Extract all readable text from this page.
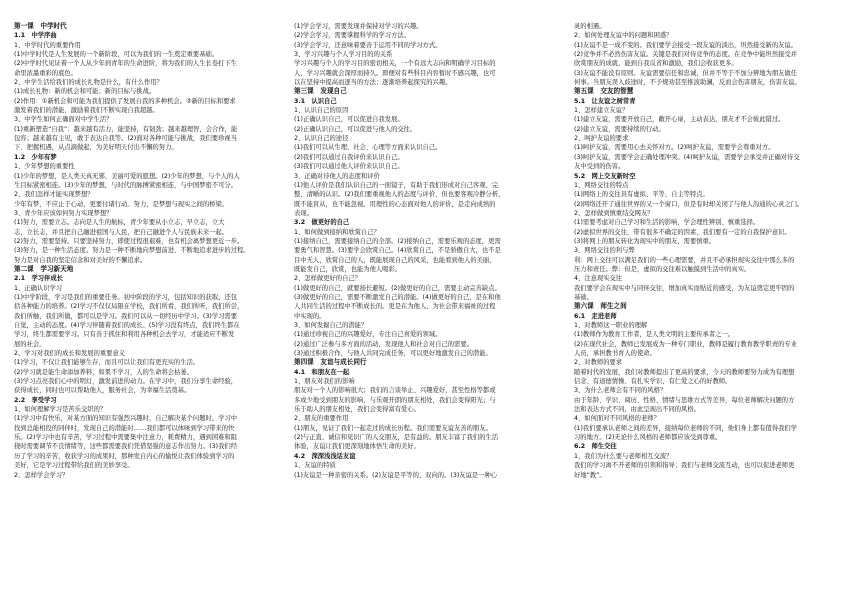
第一课　中学时代
1.1　中学序曲
1、中学时代的重要作用
(1)中学时代是人生发展的一个新阶段，可以为我们的一生奠定重要基础。
(2)中学时代见证着一个人从少年到青年的生命进阶，将为我们的人生长卷打下生
命里浓墨重彩的底色。
2、中学生活给我们的成长礼物是什么，有什么作用？
(1)成长礼物：新的机会和可能；新的目标与挑战。
(2)作用：①新机会和可能为我们提供了发展自我的多种机会。②新的目标和要求
激发着我们的潜能，激励着我们不断实现自我超越。
3、中学生如何正确面对中学生活？
(1)重新塑造“自我”：越来越有活力，能坚持，有韧劲；越来越理智，会合作，能
包容；越来越有主见，敢于表达自我等。(2)面对各种可能与挑战，我们要珍视当
下、把握机遇，从点滴做起，为美好明天付出不懈的努力。
1.2　少年有梦
1、少年梦想的重要性
(1)少年的梦想，是人类天真无邪、美丽可爱的愿想。(2)少年的梦想，与个人的人
生目标紧密相连。(3)少年的梦想，与时代的脉搏紧密相连，与中国梦密不可分。
2、我们怎样才能实现梦想？
少年有梦，不应止于心动，更要付诸行动。努力，是梦想与现实之间的桥梁。
3、青少年应该如何努力实现梦想？
(1)努力，需要立志。志向是人生的航标，青少年要从小立志，早立志，立大
志，立长志，并且把自己融进祖国与人民，把自己融进个人与民族未来一起。
(2)努力，需要坚持。只要坚持努力，即使过程很艰难，也有机会离梦想更近一步。
(3)努力，是一种生活态度。努力是一种不断地向梦想前进、不断地追求进步的过程。
努力是对自我的坚定信念和对美好的不懈追求。
第二课　学习新天地
2.1　学习伴成长
1、正确认识学习
(1)中学阶段，学习是我们的重要任务。初中阶段的学习，包括知识的获取，还包
括各种能力的培养。(2)学习不仅仅局限在学校，我们所看，我们所听，我们所尝，
我们所触，我们所做，都可以是学习。我们可以从一切经历中学习。(3)学习需要
自觉，主动的态度。(4)学习伴随着我们的成长。(5)学习没有终点，我们终生都在
学习，终生都需要学习。只有善于抓住和利用各种机会去学习，才能适应不断发
展的社会。
2、学习对我们的成长和发展的重要意义
(1)学习，不仅让我们能够生存，而且可以让我们有更充实的生活。
(2)学习就是能生命添加养料，如果不学习，人的生命将会枯萎。
(3)学习点亮我们心中的明灯，激发前进的动力。在学习中，我们分享生命经验，
获得成长，同时也可以帮助他人，服务社会，为幸福生活奠基。
2.2　享受学习
1、如何理解学习是苦乐交织的？
(1)学习中有快乐，对某方面的知识有强烈兴趣时，自己解决某个问题时，学习中
找到总能相投的同伴时，发现自己的潜能时……我们都可以体味到学习带来的快
乐。(2)学习中也有辛苦，学习过程中需要集中注意力，耗费精力，遇到困难和阻
挠时需要调节不良情绪等，这些都需要我们凭借坚强的意志作出努力。(3)我们经
历了学习的辛苦，收获学习的成果时，那种发自内心的愉悦让我们体验到学习的
美好，它是学习过程带给我们的美妙享受。
2、怎样学会学习？
(1)学会学习，需要发现并保持对学习的兴趣。
(2)学会学习，需要掌握科学的学习方法。
(3)学会学习，还意味着要善于运用不同的学习方式。
3、学习兴趣与个人学习目的的关系
学习兴趣与个人的学习目的密切相关，一个有远大志向和明确学习目标的
人，学习兴趣就会深厚而持久。即便对有些科目内容暂时不感兴趣，也可
以在坚持中提高而逐当的方法；逐渐培养起探究的兴趣。
第三课　发现自己
3.1　认识自己
1、认识自己的原因
(1)正确认识自己，可以促进自我发展。
(2)正确认识自己，可以促进与他人的交往。
2、认识自己的途径
(1)我们可以从生理、社会、心理等方面来认识自己。
(2)我们可以通过自我评价来认识自己。
(3)我们可以通过他人评价来认识自己。
3、正确对待他人的态度和评价
(1)他人评价是我们认识自己的一面镜子，有助于我们形成对自己客观、完
整、清晰的认识。(2)我们要重视他人的态度与评价，但也要客观冷静分析，
既不能盲从，也不能忽视。用理性的心态面对他人的评价，是走向成熟的
表现。
3.2　做更好的自己
1、如何做到接纳和欣赏自己？
(1)接纳自己，需要接纳自己的全部。(2)接纳自己，需要乐观的态度，更需
要勇气和智慧。(3)要学会欣赏自己。(4)欣赏自己，不是骄傲自大，也不是
目中无人，欣赏自己的人，既能展现自己的风采，也能看到他人的美丽，
既能发自己，欣赏，也能为他人喝彩。
2、怎样做更好的自己？
(1)做更好的自己，就要扬长避短。(2)做更好的自己，需要主动完善缺点。
(3)做更好的自己，需要不断激发自己的潜能。(4)做更好的自己，是在和他
人共同生活的过程中不断成长的。更是在为他人、为社会带来福祉的过程
中实现的。
3、如何发掘自己的潜能？
(1)通过珍视自己的兴趣爱好，专注自己喜爱的领域。
(2)通过广泛参与多方面的活动，发现他人和社会对自己的需要。
(3)通过积极合作，与他人共同完成任务，可以更好地激发自己的潜能。
第四课　友谊与成长同行
4.1　和朋友在一起
1、朋友对我们的影响
朋友对一个人的影响很大；我们的言谈举止、兴趣爱好，甚至性格等都或
多或少地受到朋友的影响，与乐观开朗的朋友相处，我们会变得阳光；与
乐于助人的朋友相处，我们会变得富有爱心。
2、朋友的重要作用
(1)朋友，见证了我们一起走过的成长历程。我们需要友谊友善的朋友。
(2)与正直、诚信和见识广的人交朋友，是有益的。朋友丰富了我们的生活
体验，友谊让我们更深刻地体悟生命的美好。
4.2　深深浅浅话友谊
1、友谊的特质
(1)友谊是一种亲密的关系。(2)友谊是平等的、双向的。(3)友谊是一种心
灵的相遇。
2、如何处理友谊中的问题和困惑？
(1)友谊不是一成不变的。我们要学会接受一段友谊的淡出，坦然接受新的友谊。
(2)竞争并不必然伤害友谊。关键是我们对待竞争的态度。在竞争中能坦然接受并
欣赏朋友的成就，能到自我反省和激励，我们会收获更多。
(3)友谊不能没有原则。友谊需要信任和忠诚，但并不等于不加分辨地为朋友做任
何事。当朋友误入歧途时，不予规劝甚至推波助澜，反而会伤害朋友，伤害友谊。
第五课　交友的智慧
5.1　让友谊之树常青
1、怎样建立友谊？
(1)建立友谊，需要开放自己，敞开心扉，主动表达，朋友才不会彼此错过。
(2)建立友谊，需要持续的行动。
2、呵护友谊的要求
(1)呵护友谊，需要用心去关怀对方。(2)呵护友谊，需要学会尊重对方。
(3)呵护友谊，需要学会正确处理冲突。(4)呵护友谊，需要学会承受并正确对待交
友中受到的伤害。
5.2　网上交友新时空
1、网络交往的特点
(1)网络上的交往具有虚拟、平等、自主等特点。
(2)网络还开了通往世界的又一个窗口，但是有时却关闭了与他人沟通的心灵之门。
2、怎样做到慎重结交网友？
(1)需要考虑对自己学习和生活的影响，学会理性辨别、慎重选择。
(2)虚拟世界的交往，带有很多不确定的因素，我们要有一定的自我保护意识。
(3)将网上的朋友转化为现实中的朋友，需要慎重。
3、网络交往的利与弊
利：网上交往可以满足我们的一些心理需要，并且不必承担现实交往中那么多的
压力和责任。弊：但是，虚拟的交往难以触摸到生活中的真实。
4、注意现实交往
我们要学会在现实中与同伴交往，增加真实而贴近的感受，为友谊奠定更牢固的
基础。
第六课　师生之间
6.1　走进老师
1、对教师这一职业的理解
(1)教师作为教育工作者，是人类文明的主要传承者之一。
(2)在现代社会，教师已发展成为一种专门职业，教师是履行教育教学职责的专业
人员，承担教书育人的使命。
2、对教师的要求
随着时代的发展，我们对教师提出了更高的要求，今天的教师要努力成为有理想
信念、有道德情操、有扎实学识、有仁爱之心的好教师。
3、为什么老师会有不同的风格？
由于年龄、学识、阅历、性格、情绪与思维方式等差异，每位老师解决问题的方
法和表达方式不同，由此呈现出不同的风格。
4、如何面对不同风格的老师？
(1)我们要承认老师之间的差异，接纳每位老师的不同，他们身上都有值得我们学
习的地方。(2)无论什么风格的老师都应该受到尊重。
6.2　师生交往
1、我们为什么要与老师相互交流？
我们的学习离不开老师的引领和指导；我们与老师交流互动，也可以促进老师更
好地“教”。
